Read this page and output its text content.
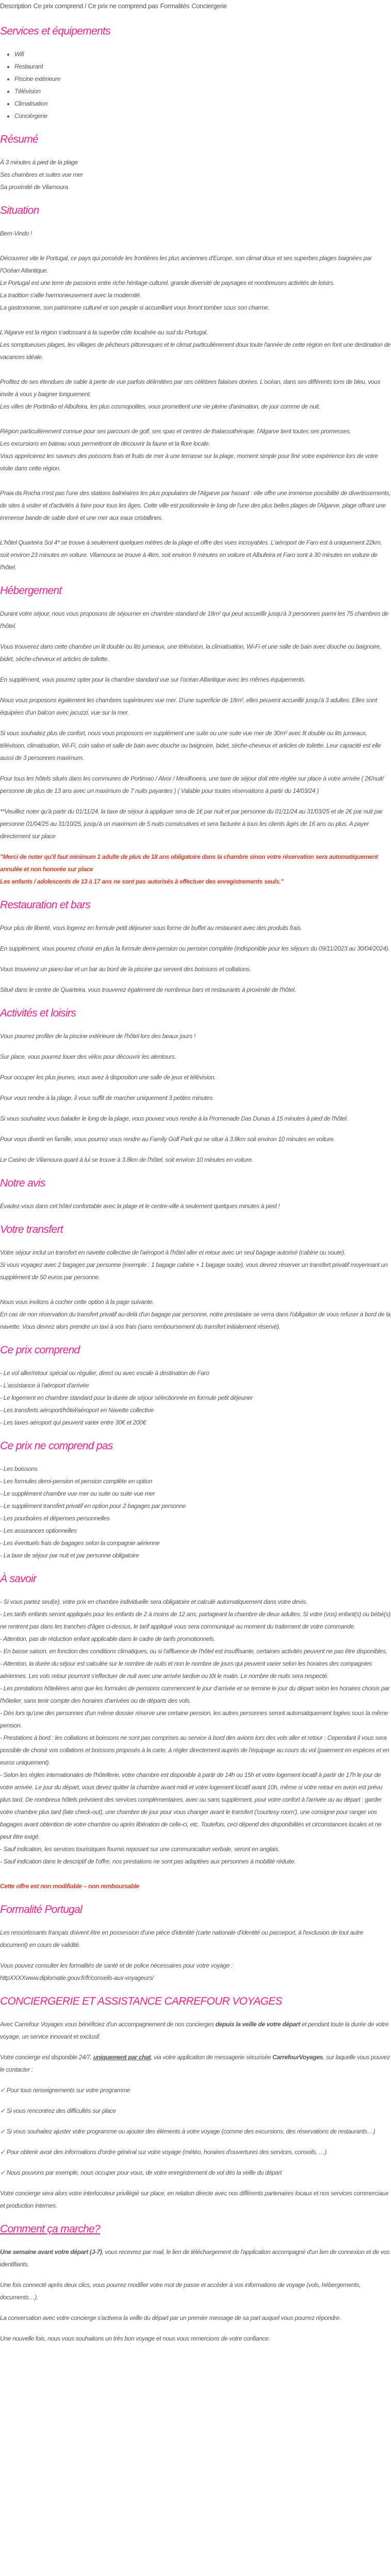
Description Ce prix comprend / Ce prix ne comprend pas Formalités Conciergerie
Services et équipements
• Wifi
• Restaurant
• Piscine extérieure
• Télévision
• Climatisation
• Concièrgerie
Résumé

À 3 minutes à pied de la plage
Ses chambres et suites vue mer
Sa proximité de Vilamoura

Situation

Bem-Vindo !

Découvrez vite le Portugal, ce pays qui possède les frontières les plus anciennes d'Europe, son climat doux et ses superbes plages baignées par l'Océan Atlantique.
Le Portugal est une terre de passions entre riche héritage culturel, grande diversité de paysages et nombreuses activités de loisirs.
La tradition s'allie harmonieusement avec la modernité.
La gastronomie, son patrimoine culturel et son peuple si accueillant vous feront tomber sous son charme.

L'Algarve est la région s'adossant à la superbe côte localisée au sud du Portugal.
Les somptueuses plages, les villages de pêcheurs pittoresques et le climat particulièrement doux toute l'année de cette région en font une destination de vacances idéale.

Profitez de ses étendues de sable à perte de vue parfois délimitées par ses célèbres falaises dorées. L'océan, dans ses différents tons de bleu, vous invite à vous y baigner longuement.
Les villes de Portimão et Albufeira, les plus cosmopolites, vous promettent une vie pleine d'animation, de jour comme de nuit.

Région particulièrement connue pour ses parcours de golf, ses spas et centres de thalassothérapie, l'Algarve tient toutes ses promesses.
Les excursions en bateau vous permettront de découvrir la faune et la flore locale.
Vous apprécierez les saveurs des poissons frais et fruits de mer à une terrasse sur la plage, moment simple pour finir votre expérience lors de votre visite dans cette région.

Praia da Rocha n'est pas l'une des stations balnéaires les plus populaires de l'Algarve par hasard : elle offre une immense possibilité de divertissements, de sites à visiter et d'activités à faire pour tous les âges. Cette ville est positionnée le long de l'une des plus belles plages de l'Algarve, plage offrant une immense bande de sable doré et une mer aux eaux cristallines.

L'hôtel Quarteira Sol 4* se trouve à seulement quelques mètres de la plage et offre des vues incroyables. L'aéroport de Faro est à uniquement 22km, soit environ 23 minutes en voiture. Vilamoura se trouve à 4km, soit environ 9 minutes en voiture et Albufeira et Faro sont à 30 minutes en voiture de l'hôtel.

Hébergement

Durant votre séjour, nous vous proposons de séjourner en chambre standard de 18m² qui peut accueillir jusqu'à 3 personnes parmi les 75 chambres de l'hôtel.

Vous trouverez dans cette chambre un lit double ou lits jumeaux, une télévision, la climatisation, Wi-Fi et une salle de bain avec douche ou baignoire, bidet, sèche-cheveux et articles de toilette.

En supplément, vous pourrez opter pour la chambre standard vue sur l'océan Atlantique avec les mêmes équipements.

Nous vous proposons également les chambres supérieures vue mer. D'une superficie de 18m², elles peuvent accueillir jusqu'à 3 adultes. Elles sont équipées d'un balcon avec jacuzzi, vue sur la mer.

Si vous souhaitez plus de confort, nous vous proposons en supplément une suite ou une suite vue mer de 30m² avec lit double ou lits jumeaux, télévision, climatisation, Wi-Fi, coin salon et salle de bain avec douche ou baignoire, bidet, sèche-cheveux et articles de toilette. Leur capacité est elle aussi de 3 personnes maximum.

Pour tous les hôtels situés dans les communes de Portimao / Alvor / Mexilhoeira, une taxe de séjour doit etre réglée sur place à votre arrivée ( 2€/nuit/ personne de plus de 13 ans avec un maximum de 7 nuits payantes ) ( Valable pour toutes réservations à partir du 14/03/24 )

**Veuillez noter qu'à partir du 01/11/24, la taxe de séjour à appliquer sera de 1€ par nuit et par personne du 01/11/24 au 31/03/25 et de 2€ par nuit par personne 01/04/25 au 31/10/25, jusqu'à un maximum de 5 nuits consécutives et sera facturée à tous les clients âgés de 16 ans ou plus. A payer directement sur place

"Merci de noter qu'il faut minimum 1 adulte de plus de 18 ans obligatoire dans la chambre sinon votre réservation sera automatiquement annulée et non honorée sur place
Les enfants / adolescents de 13 à 17 ans ne sont pas autorisés à effectuer des enregistrements seuls."

Restauration et bars

Pour plus de liberté, vous logerez en formule petit déjeuner sous forme de buffet au restaurant avec des produits frais.

En supplément, vous pourrez choisir en plus la formule demi-pension ou pension complète (indisponible pour les séjours du 09/11/2023 au 30/04/2024).

Vous trouverez un piano-bar et un bar au bord de la piscine qui servent des boissons et collations.

Situé dans le centre de Quarteira, vous trouverez également de nombreux bars et restaurants à proximité de l'hôtel.

Activités et loisirs

Vous pourrez profiter de la piscine extérieure de l'hôtel lors des beaux jours !

Sur place, vous pourrez louer des vélos pour découvrir les alentours.

Pour occuper les plus jeunes, vous avez à disposition une salle de jeux et télévision.

Pour vous rendre à la plage, il vous suffit de marcher uniquement 3 petites minutes.

Si vous souhaitez vous balader le long de la plage, vous pouvez vous rendre à la Promenade Das Dunas à 15 minutes à pied de l'hôtel.

Pour vous divertir en famille, vous pourrez vous rendre au Family Golf Park qui se situe à 3.8km soit environ 10 minutes en voiture.

Le Casino de Vilamoura quant à lui se trouve à 3.8km de l'hôtel, soit environ 10 minutes en voiture.

Notre avis

Évadez-vous dans cet hôtel confortable avec la plage et le centre-ville à seulement quelques minutes à pied !

Votre transfert

Votre séjour inclut un transfert en navette collective de l'aéroport à l'hôtel aller et retour avec un seul bagage autorisé (cabine ou soute).
Si vous voyagez avec 2 bagages par personne (exemple : 1 bagage cabine + 1 bagage soute), vous devrez réserver un transfert privatif moyennant un supplément de 50 euros par personne.

Nous vous invitons à cocher cette option à la page suivante.
En cas de non réservation du transfert privatif au-delà d'un bagage par personne, notre prestataire se verra dans l'obligation de vous refuser à bord de la navette. Vous devrez alors prendre un taxi à vos frais (sans remboursement du transfert initialement réservé).

Ce prix comprend
- Le vol aller/retour spécial ou régulier, direct ou avec escale à destination de Faro
- L'assistance à l'aéroport d'arrivée
- Le logement en chambre standard pour la durée de séjour sélectionnée en formule petit déjeuner
- Les transferts aéroport/hôtel/aéroport en Navette collective
- Les taxes aéroport qui peuvent varier entre 30€ et 200€
Ce prix ne comprend pas
- Les boissons
- Les formules demi-pension et pension complète en option
- Le supplément chambre vue mer ou suite ou suite vue mer
- Le supplément transfert privatif en option pour 2 bagages par personne
- Les pourboires et dépenses personnelles
- Les assurances optionnelles
- Les éventuels frais de bagages selon la compagnie aérienne
- La taxe de séjour par nuit et par personne obligatoire
À savoir

- Si vous partez seul(e), votre prix en chambre individuelle sera obligatoire et calculé automatiquement dans votre devis.
- Les tarifs enfants seront appliqués pour les enfants de 2 à moins de 12 ans, partageant la chambre de deux adultes. Si votre (vos) enfant(s) ou bébé(s) ne rentrent pas dans les tranches d'âges ci-dessus, le tarif appliqué vous sera communiqué au moment du traitement de votre commande.
- Attention, pas de réduction enfant applicable dans le cadre de tarifs promotionnels.
- En basse saison, en fonction des conditions climatiques, ou si l'affluence de l'hôtel est insuffisante, certaines activités peuvent ne pas être disponibles.
- Attention, la durée du séjour est calculée sur le nombre de nuits et non le nombre de jours qui peuvent varier selon les horaires des compagnies aériennes. Les vols retour pourront s'effectuer de nuit avec une arrivée tardive ou tôt le matin. Le nombre de nuits sera respecté.
- Les prestations hôtelières ainsi que les formules de pensions commencent le jour d'arrivée et se termine le jour du départ selon les horaires choisis par l'hôtelier, sans tenir compte des horaires d'arrivées ou de départs des vols.
- Dès lors qu'une des personnes d'un même dossier réserve une certaine pension, les autres personnes seront automatiquement logées sous la même pension.
- Prestations à bord : les collations et boissons ne sont pas comprises au service à bord des avions lors des vols aller et retour ; Cependant il vous sera possible de choisir vos collations et boissons proposés à la carte, à régler directement auprès de l'équipage au cours du vol (paiement en espèces et en euros uniquement).
- Selon les règles internationales de l'hôtellerie, votre chambre est disponible à partir de 14h ou 15h et votre logement locatif à partir de 17h le jour de votre arrivée. Le jour du départ, vous devez quitter la chambre avant midi et votre logement locatif avant 10h, même si votre retour en avion est prévu plus tard. De nombreux hôtels prévoient des services complémentaires, avec ou sans supplément, pour votre confort à l'arrivée ou au départ : garder votre chambre plus tard (late check-out), une chambre de jour pour vous changer avant le transfert ('courtesy room'), une consigne pour ranger vos bagages avant obtention de votre chambre ou après libération de celle-ci, etc. Toutefois, ceci dépend des disponibilités et circonstances locales et ne peut être exigé.
- Sauf indication, les services touristiques fournis reposant sur une communication verbale, seront en anglais.
- Sauf indication dans le descriptif de l'offre, nos prestations ne sont pas adaptées aux personnes à mobilité réduite.

Cette offre est non modifiable – non remboursable

Formalité Portugal

Les ressortissants français doivent être en possession d'une pièce d'identité (carte nationale d'identité ou passeport, à l'exclusion de tout autre document) en cours de validité.

Vous pouvez consulter les formalités de santé et de police nécessaires pour votre voyage :
httpXXXXwww.diplomatie.gouv.fr/fr/conseils-aux-voyageurs/

CONCIERGERIE ET ASSISTANCE CARREFOUR VOYAGES

Avec Carrefour Voyages vous bénéficiez d'un accompagnement de nos concierges depuis la veille de votre départ et pendant toute la durée de votre voyage, un service innovant et exclusif.

Votre concierge est disponible 24/7, uniquement par chat, via votre application de messagerie sécurisée CarrefourVoyages, sur laquelle vous pouvez le contacter :

✓ Pour tous renseignements sur votre programme

✓ Si vous rencontrez des difficultés sur place

✓ Si vous souhaitez ajuster votre programme ou ajouter des éléments à votre voyage (comme des excursions, des réservations de restaurants…)

✓ Pour obtenir avoir des informations d'ordre général sur votre voyage (météo, horaires d'ouvertures des services, conseils, …)

✓ Nous pouvons par exemple, nous occuper pour vous, de votre enregistrement de vol dès la veille du départ

Votre concierge sera alors votre interlocuteur privilégié sur place, en relation directe avec nos différents partenaires locaux et nos services commerciaux et production internes.

Comment ça marche?

Une semaine avant votre départ (J-7), vous recevrez par mail, le lien de téléchargement de l'application accompagné d'un lien de connexion et de vos identifiants.

Une fois connecté après deux clics, vous pourrez modifier votre mot de passe et accéder à vos informations de voyage (vols, hébergements, documents…).

La conversation avec votre concierge s'activera la veille du départ par un premier message de sa part auquel vous pourrez répondre.

Une nouvelle fois, nous vous souhaitons un très bon voyage et nous vous remercions de votre confiance.
